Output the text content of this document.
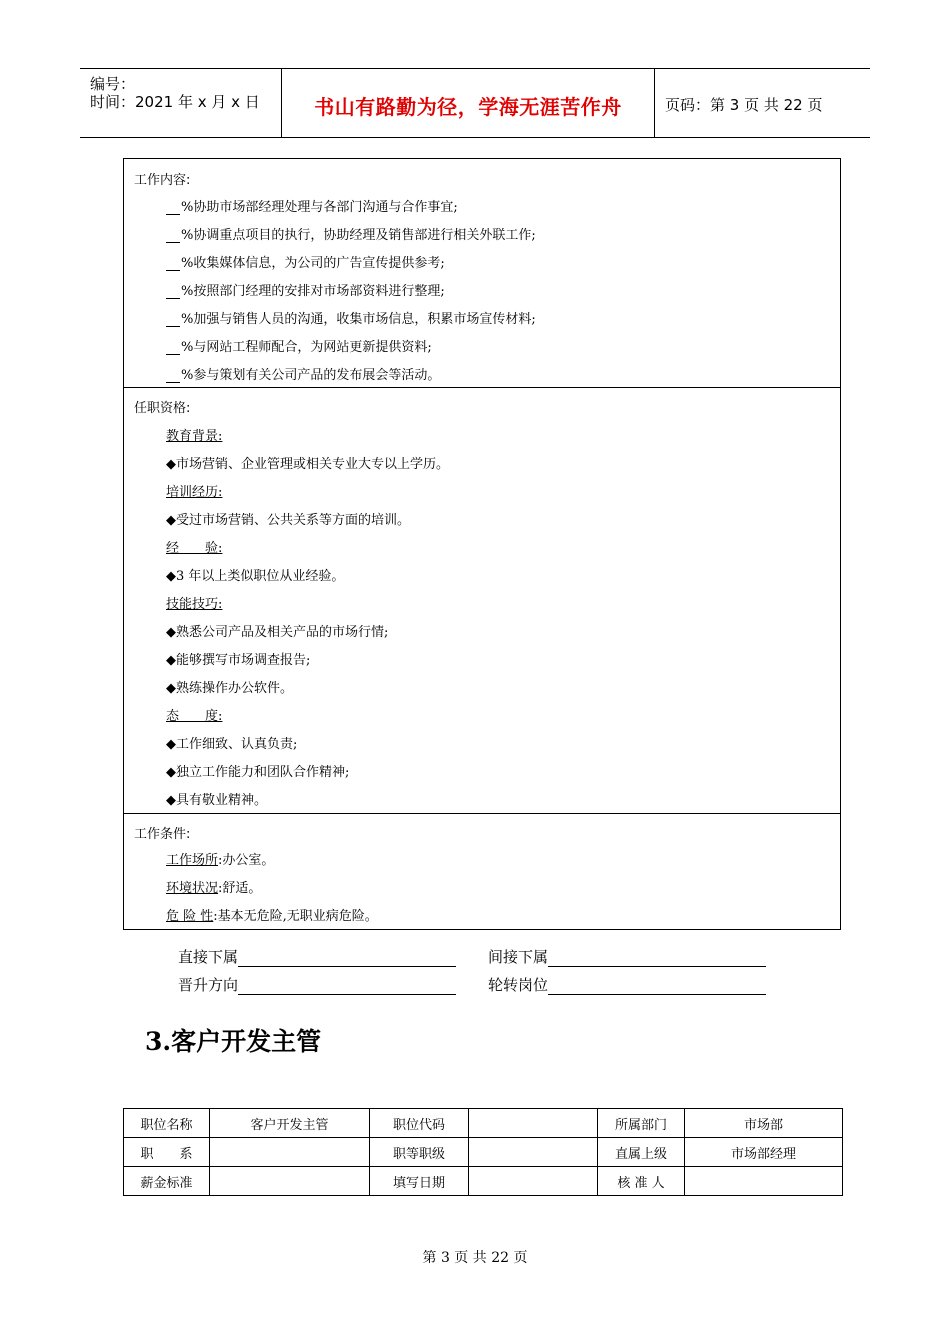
编号：
时间：2021 年 x 月 x 日	书山有路勤为径，学海无涯苦作舟	页码：第 3 页 共 22 页
工作内容:
%协助市场部经理处理与各部门沟通与合作事宜;
%协调重点项目的执行，协助经理及销售部进行相关外联工作;
%收集媒体信息，为公司的广告宣传提供参考;
%按照部门经理的安排对市场部资料进行整理;
%加强与销售人员的沟通，收集市场信息，积累市场宣传材料;
%与网站工程师配合，为网站更新提供资料;
%参与策划有关公司产品的发布展会等活动。
任职资格:
教育背景:
◆市场营销、企业管理或相关专业大专以上学历。
培训经历:
◆受过市场营销、公共关系等方面的培训。
经　　验:
◆3 年以上类似职位从业经验。
技能技巧:
◆熟悉公司产品及相关产品的市场行情;
◆能够撰写市场调查报告;
◆熟练操作办公软件。
态　　度:
◆工作细致、认真负责;
◆独立工作能力和团队合作精神;
◆具有敬业精神。
工作条件:
工作场所:办公室。
环境状况:舒适。
危 险 性:基本无危险,无职业病危险。
直接下属	间接下属
晋升方向	轮转岗位
3.客户开发主管
职位名称	客户开发主管	职位代码		所属部门	市场部
职　　系		职等职级		直属上级	市场部经理
薪金标准		填写日期		核 准 人	
第 3 页 共 22 页
